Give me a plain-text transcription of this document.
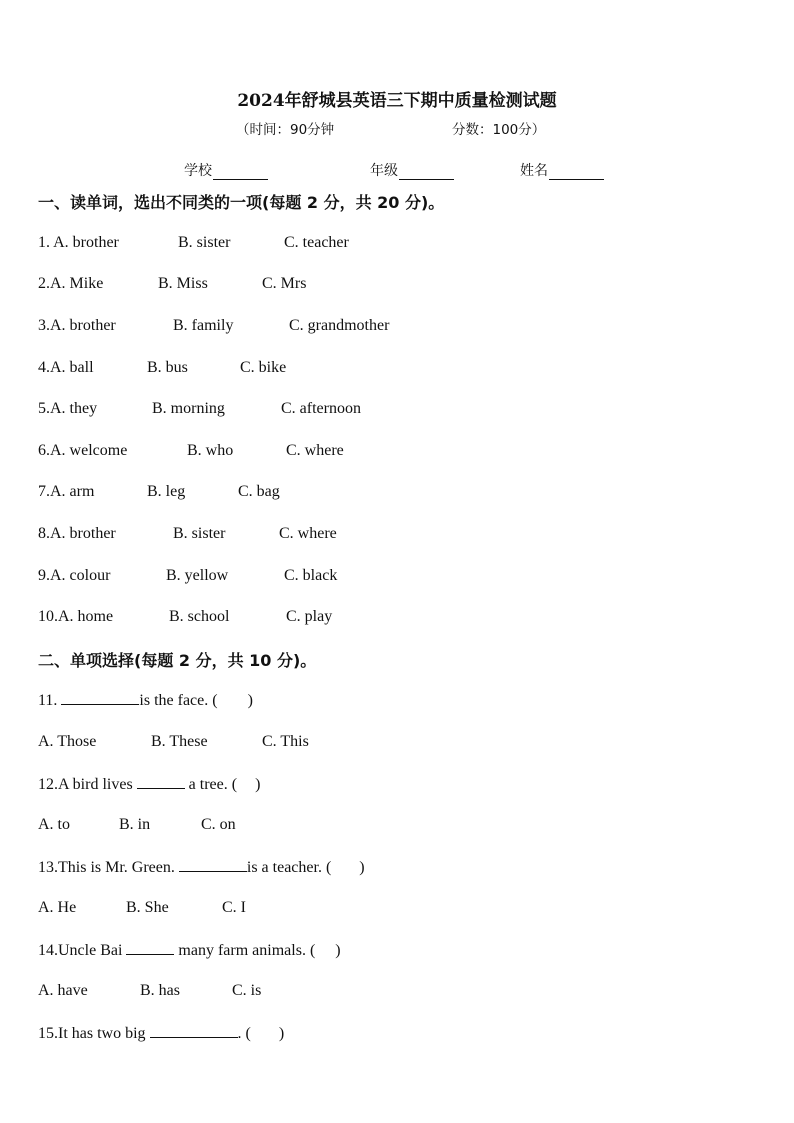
2024年舒城县英语三下期中质量检测试题
（时间：90分钟	分数：100分）
学校	年级	姓名
一、读单词，选出不同类的一项(每题 2 分，共 20 分)。
1. A. brother	B. sister	C. teacher
2.A. Mike	B. Miss	C. Mrs
3.A. brother	B. family	C. grandmother
4.A. ball	B. bus	C. bike
5.A. they	B. morning	C. afternoon
6.A. welcome	B. who	C. where
7.A. arm	B. leg	C. bag
8.A. brother	B. sister	C. where
9.A. colour	B. yellow	C. black
10.A. home	B. school	C. play
二、单项选择(每题 2 分，共 10 分)。
11.	is the face. ( )
A. Those	B. These	C. This
12.A bird lives	a tree. ( )
A. to	B. in	C. on
13.This is Mr. Green.	is a teacher. ( )
A. He	B. She	C. I
14.Uncle Bai	many farm animals. ( )
A. have	B. has	C. is
15.It has two big	. ( )
